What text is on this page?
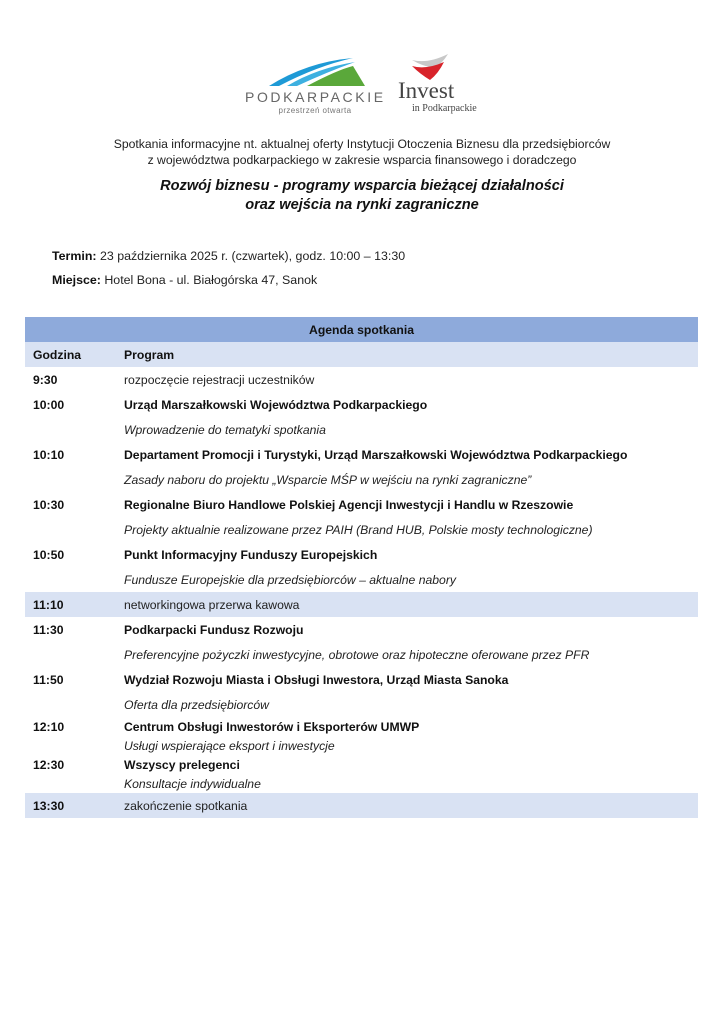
PODKARPACKIE
przestrzeń otwarta
Invest
in Podkarpackie
Spotkania informacyjne nt. aktualnej oferty Instytucji Otoczenia Biznesu dla przedsiębiorców
z województwa podkarpackiego w zakresie wsparcia finansowego i doradczego
Rozwój biznesu - programy wsparcia bieżącej działalności
oraz wejścia na rynki zagraniczne
Termin: 23 października 2025 r. (czwartek), godz. 10:00 – 13:30
Miejsce: Hotel Bona - ul. Białogórska 47, Sanok
Agenda spotkania	
Godzina	Program
9:30	rozpoczęcie rejestracji uczestników
10:00	Urząd Marszałkowski Województwa Podkarpackiego
	Wprowadzenie do tematyki spotkania
10:10	Departament Promocji i Turystyki, Urząd Marszałkowski Województwa Podkarpackiego
	Zasady naboru do projektu „Wsparcie MŚP w wejściu na rynki zagraniczne”
10:30	Regionalne Biuro Handlowe Polskiej Agencji Inwestycji i Handlu w Rzeszowie
	Projekty aktualnie realizowane przez PAIH (Brand HUB, Polskie mosty technologiczne)
10:50	Punkt Informacyjny Funduszy Europejskich
	Fundusze Europejskie dla przedsiębiorców – aktualne nabory
11:10	networkingowa przerwa kawowa
11:30	Podkarpacki Fundusz Rozwoju
	Preferencyjne pożyczki inwestycyjne, obrotowe oraz hipoteczne oferowane przez PFR
11:50	Wydział Rozwoju Miasta i Obsługi Inwestora, Urząd Miasta Sanoka
	Oferta dla przedsiębiorców
12:10	Centrum Obsługi Inwestorów i Eksporterów UMWP
	Usługi wspierające eksport i inwestycje
12:30	Wszyscy prelegenci
	Konsultacje indywidualne
13:30	zakończenie spotkania
